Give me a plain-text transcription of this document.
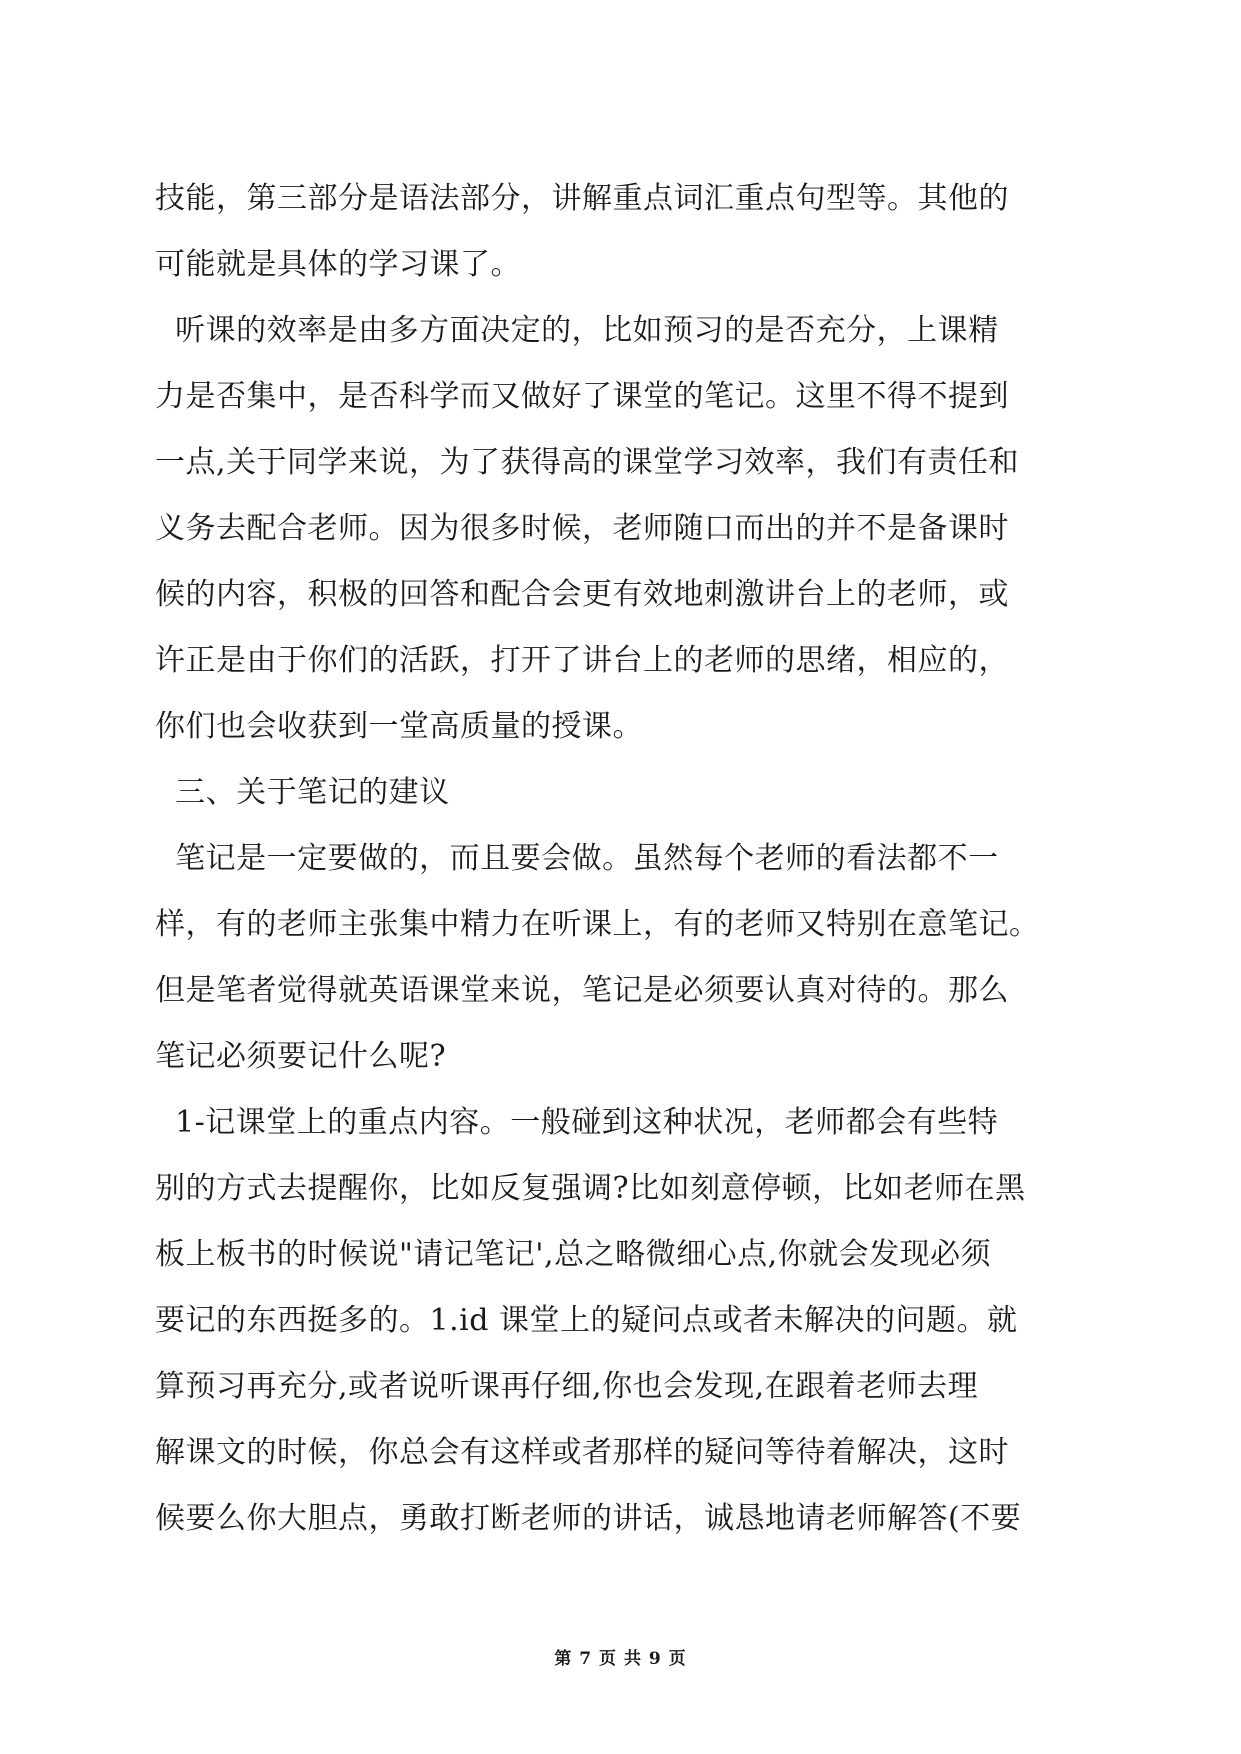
技能，第三部分是语法部分，讲解重点词汇重点句型等。其他的
可能就是具体的学习课了。
听课的效率是由多方面决定的，比如预习的是否充分，上课精
力是否集中，是否科学而又做好了课堂的笔记。这里不得不提到
一点,关于同学来说，为了获得高的课堂学习效率，我们有责任和
义务去配合老师。因为很多时候，老师随口而出的并不是备课时
候的内容，积极的回答和配合会更有效地刺激讲台上的老师，或
许正是由于你们的活跃，打开了讲台上的老师的思绪，相应的，
你们也会收获到一堂高质量的授课。
三、关于笔记的建议
笔记是一定要做的，而且要会做。虽然每个老师的看法都不一
样，有的老师主张集中精力在听课上，有的老师又特别在意笔记。
但是笔者觉得就英语课堂来说，笔记是必须要认真对待的。那么
笔记必须要记什么呢?
1-记课堂上的重点内容。一般碰到这种状况，老师都会有些特
别的方式去提醒你，比如反复强调?比如刻意停顿，比如老师在黑
板上板书的时候说"请记笔记',总之略微细心点,你就会发现必须
要记的东西挺多的。1.id 课堂上的疑问点或者未解决的问题。就
算预习再充分,或者说听课再仔细,你也会发现,在跟着老师去理
解课文的时候，你总会有这样或者那样的疑问等待着解决，这时
候要么你大胆点，勇敢打断老师的讲话，诚恳地请老师解答(不要
第 7 页 共 9 页
